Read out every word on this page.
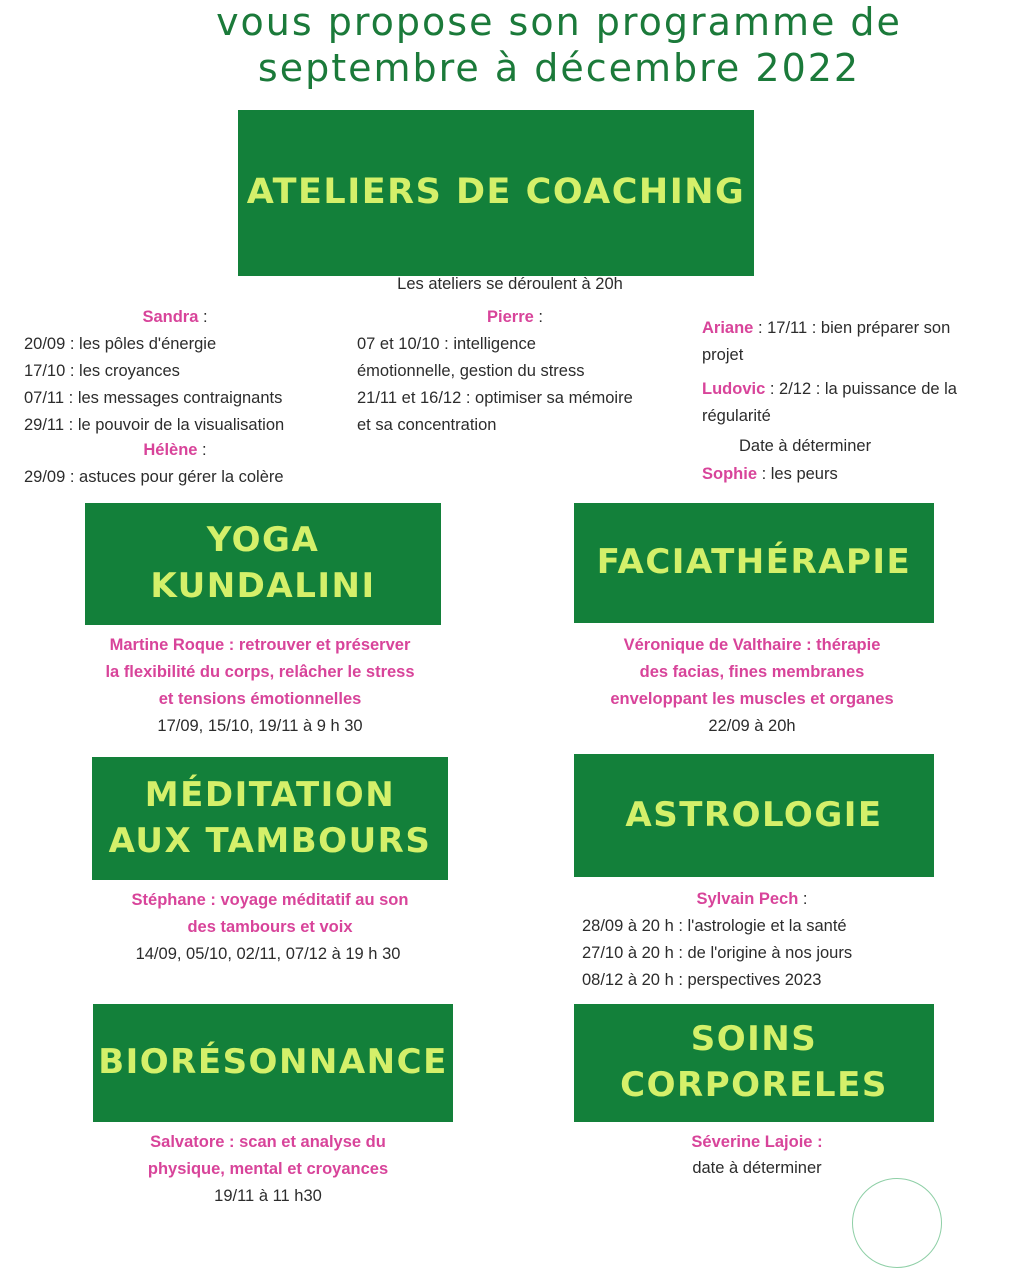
vous propose son programme de
septembre à décembre 2022
ATELIERS DE COACHING
Les ateliers se déroulent à 20h
Sandra :
20/09 : les pôles d'énergie
17/10 : les croyances
07/11 : les messages contraignants
29/11 : le pouvoir de la visualisation
Hélène :
29/09 : astuces pour gérer la colère
Pierre :
07 et 10/10 : intelligence
émotionnelle, gestion du stress
21/11 et 16/12 : optimiser sa mémoire
et sa concentration
Ariane : 17/11 : bien préparer son
projet
Ludovic : 2/12 : la puissance de la
régularité
Date à déterminer
Sophie : les peurs
YOGA
KUNDALINI
Martine Roque : retrouver et préserver
la flexibilité du corps, relâcher le stress
et tensions émotionnelles
17/09, 15/10, 19/11 à 9 h 30
FACIATHÉRAPIE
Véronique de Valthaire : thérapie
des facias, fines membranes
enveloppant les muscles et organes
22/09 à 20h
MÉDITATION
AUX TAMBOURS
Stéphane : voyage méditatif au son
des tambours et voix
14/09, 05/10, 02/11, 07/12 à 19 h 30
ASTROLOGIE
Sylvain Pech :
28/09 à 20 h : l'astrologie et la santé
27/10 à 20 h : de l'origine à nos jours
08/12 à 20 h : perspectives 2023
BIORÉSONNANCE
Salvatore : scan et analyse du
physique, mental et croyances
19/11 à 11 h30
SOINS
CORPORELES
Séverine Lajoie :
date à déterminer
